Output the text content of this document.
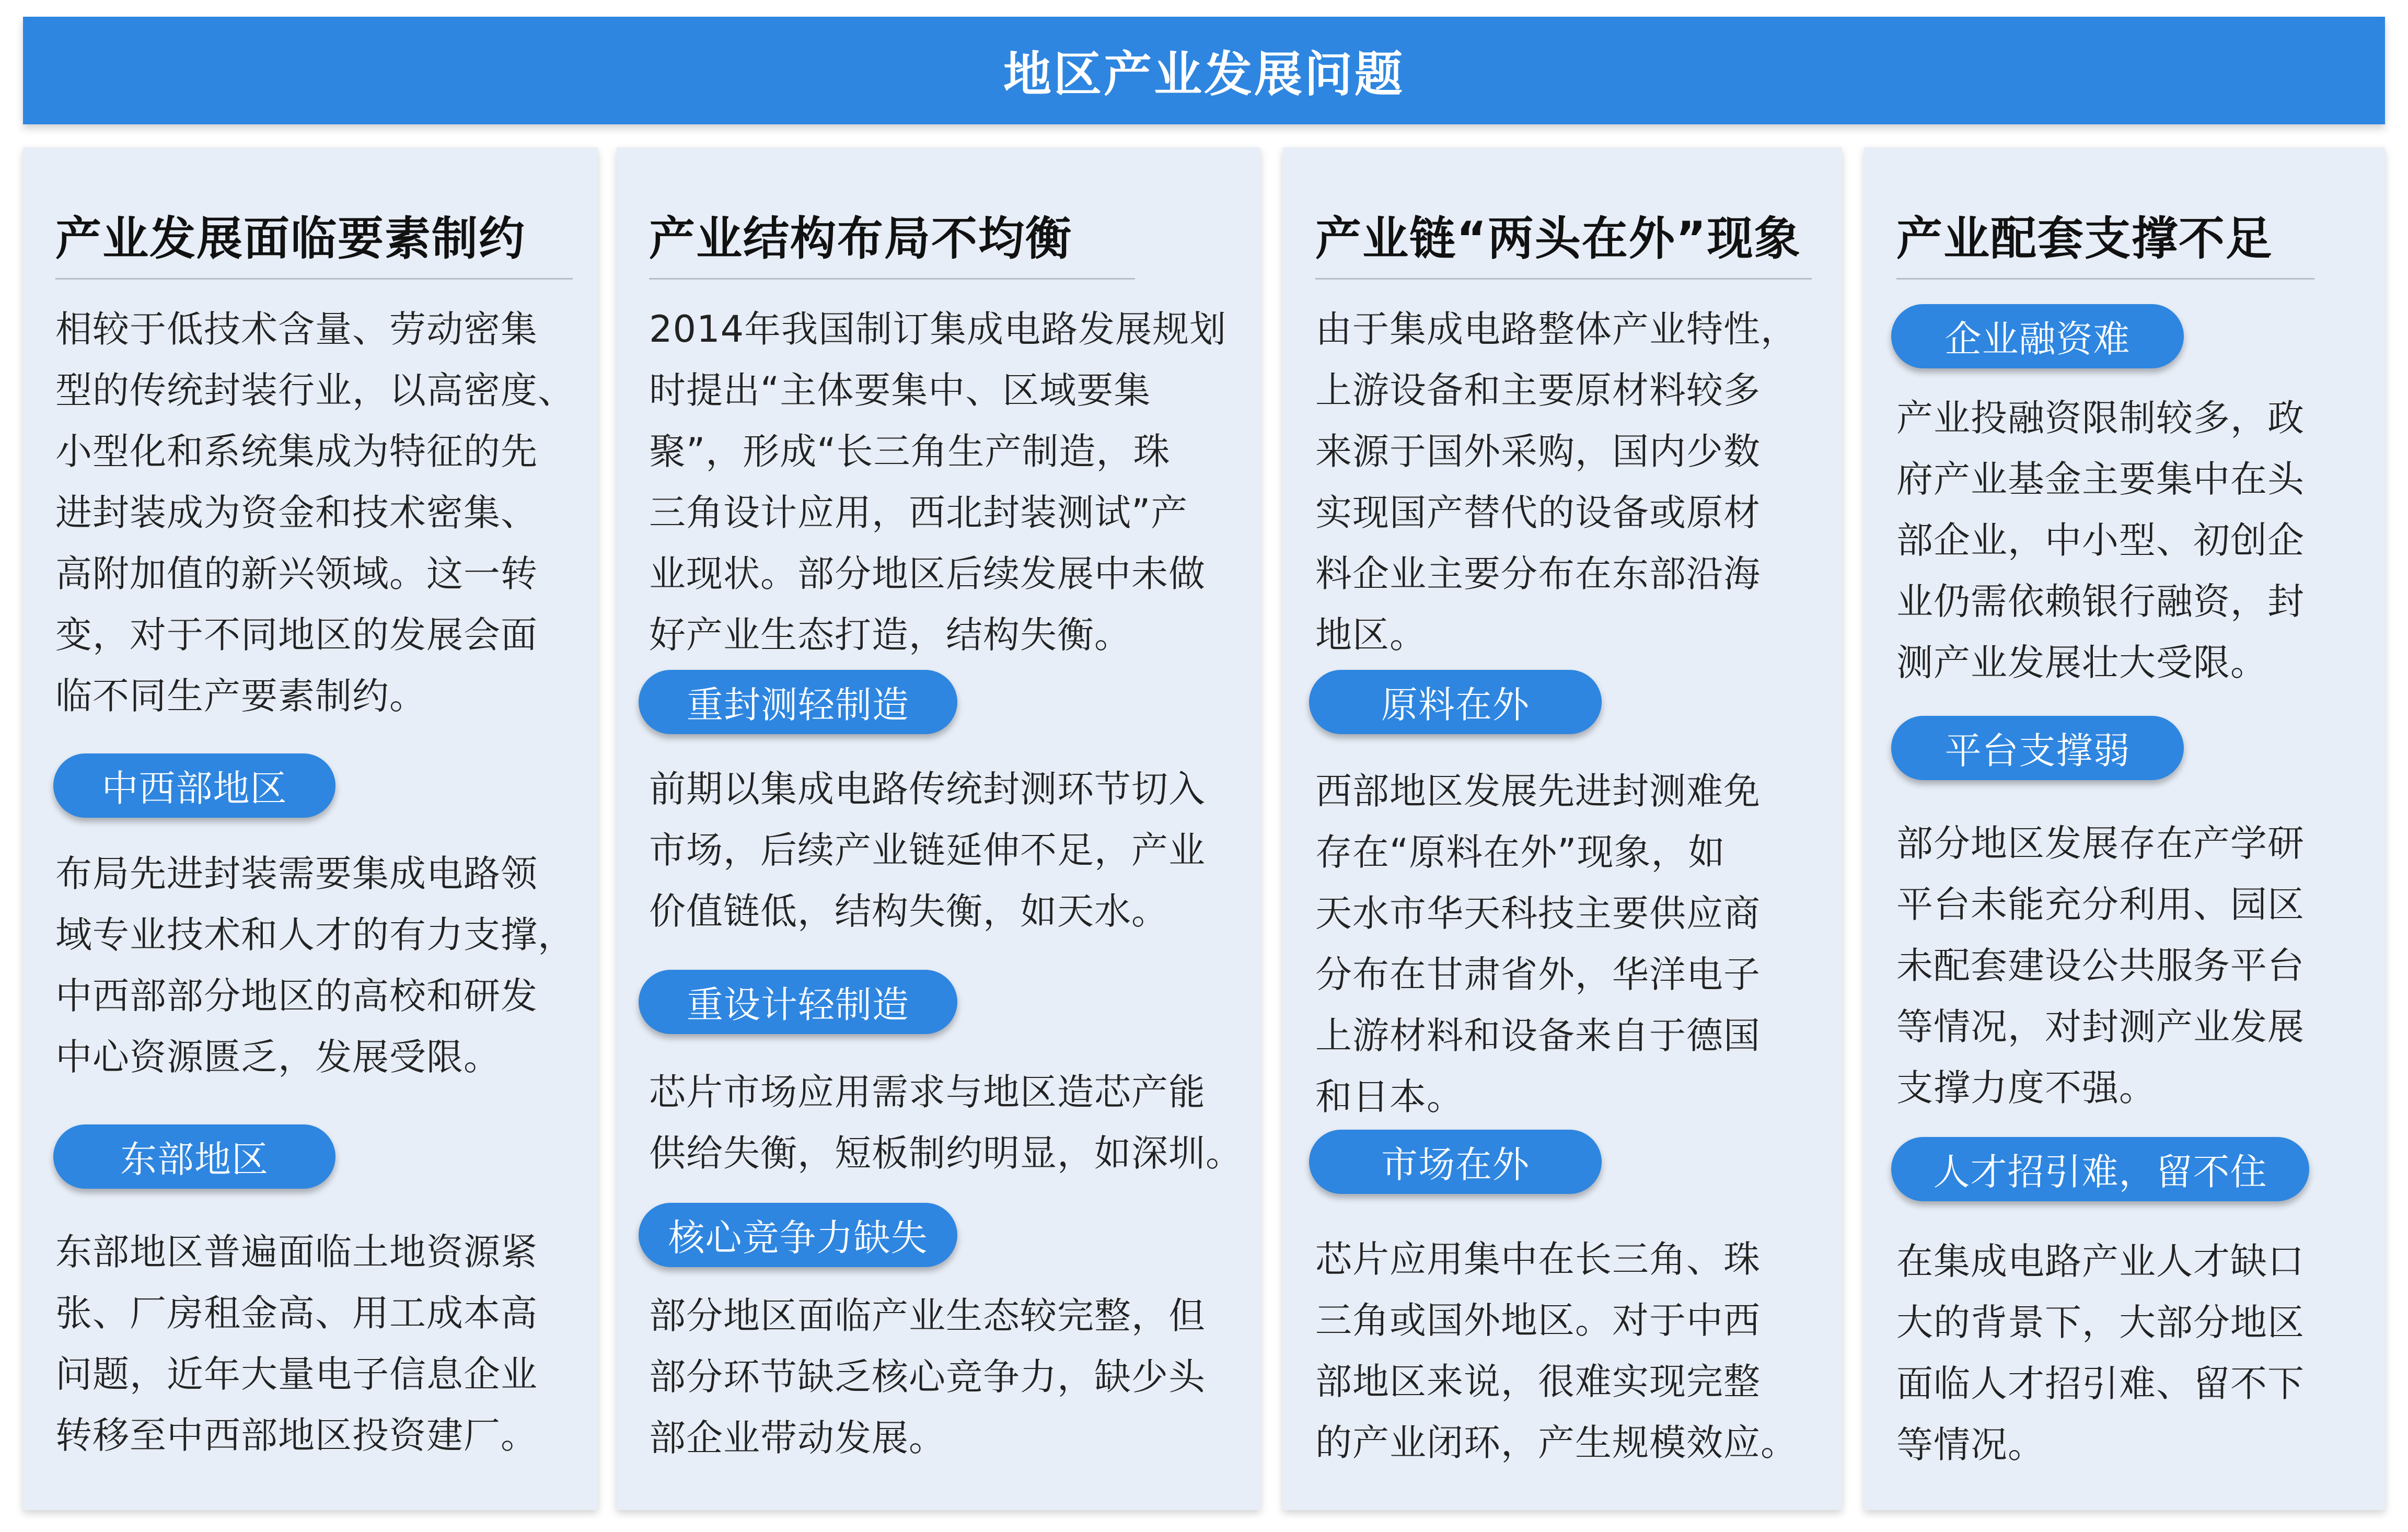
地区产业发展问题
产业发展面临要素制约
相较于低技术含量、劳动密集
型的传统封装行业，以高密度、
小型化和系统集成为特征的先
进封装成为资金和技术密集、
高附加值的新兴领域。这一转
变，对于不同地区的发展会面
临不同生产要素制约。
中西部地区
布局先进封装需要集成电路领
域专业技术和人才的有力支撑，
中西部部分地区的高校和研发
中心资源匮乏，发展受限。
东部地区
东部地区普遍面临土地资源紧
张、厂房租金高、用工成本高
问题，近年大量电子信息企业
转移至中西部地区投资建厂。
产业结构布局不均衡
2014年我国制订集成电路发展规划
时提出“主体要集中、区域要集
聚”，形成“长三角生产制造，珠
三角设计应用，西北封装测试”产
业现状。部分地区后续发展中未做
好产业生态打造，结构失衡。
重封测轻制造
前期以集成电路传统封测环节切入
市场，后续产业链延伸不足，产业
价值链低，结构失衡，如天水。
重设计轻制造
芯片市场应用需求与地区造芯产能
供给失衡，短板制约明显，如深圳。
核心竞争力缺失
部分地区面临产业生态较完整，但
部分环节缺乏核心竞争力，缺少头
部企业带动发展。
产业链“两头在外”现象
由于集成电路整体产业特性，
上游设备和主要原材料较多
来源于国外采购，国内少数
实现国产替代的设备或原材
料企业主要分布在东部沿海
地区。
原料在外
西部地区发展先进封测难免
存在“原料在外”现象，如
天水市华天科技主要供应商
分布在甘肃省外，华洋电子
上游材料和设备来自于德国
和日本。
市场在外
芯片应用集中在长三角、珠
三角或国外地区。对于中西
部地区来说，很难实现完整
的产业闭环，产生规模效应。
产业配套支撑不足
企业融资难
产业投融资限制较多，政
府产业基金主要集中在头
部企业，中小型、初创企
业仍需依赖银行融资，封
测产业发展壮大受限。
平台支撑弱
部分地区发展存在产学研
平台未能充分利用、园区
未配套建设公共服务平台
等情况，对封测产业发展
支撑力度不强。
人才招引难，留不住
在集成电路产业人才缺口
大的背景下，大部分地区
面临人才招引难、留不下
等情况。
